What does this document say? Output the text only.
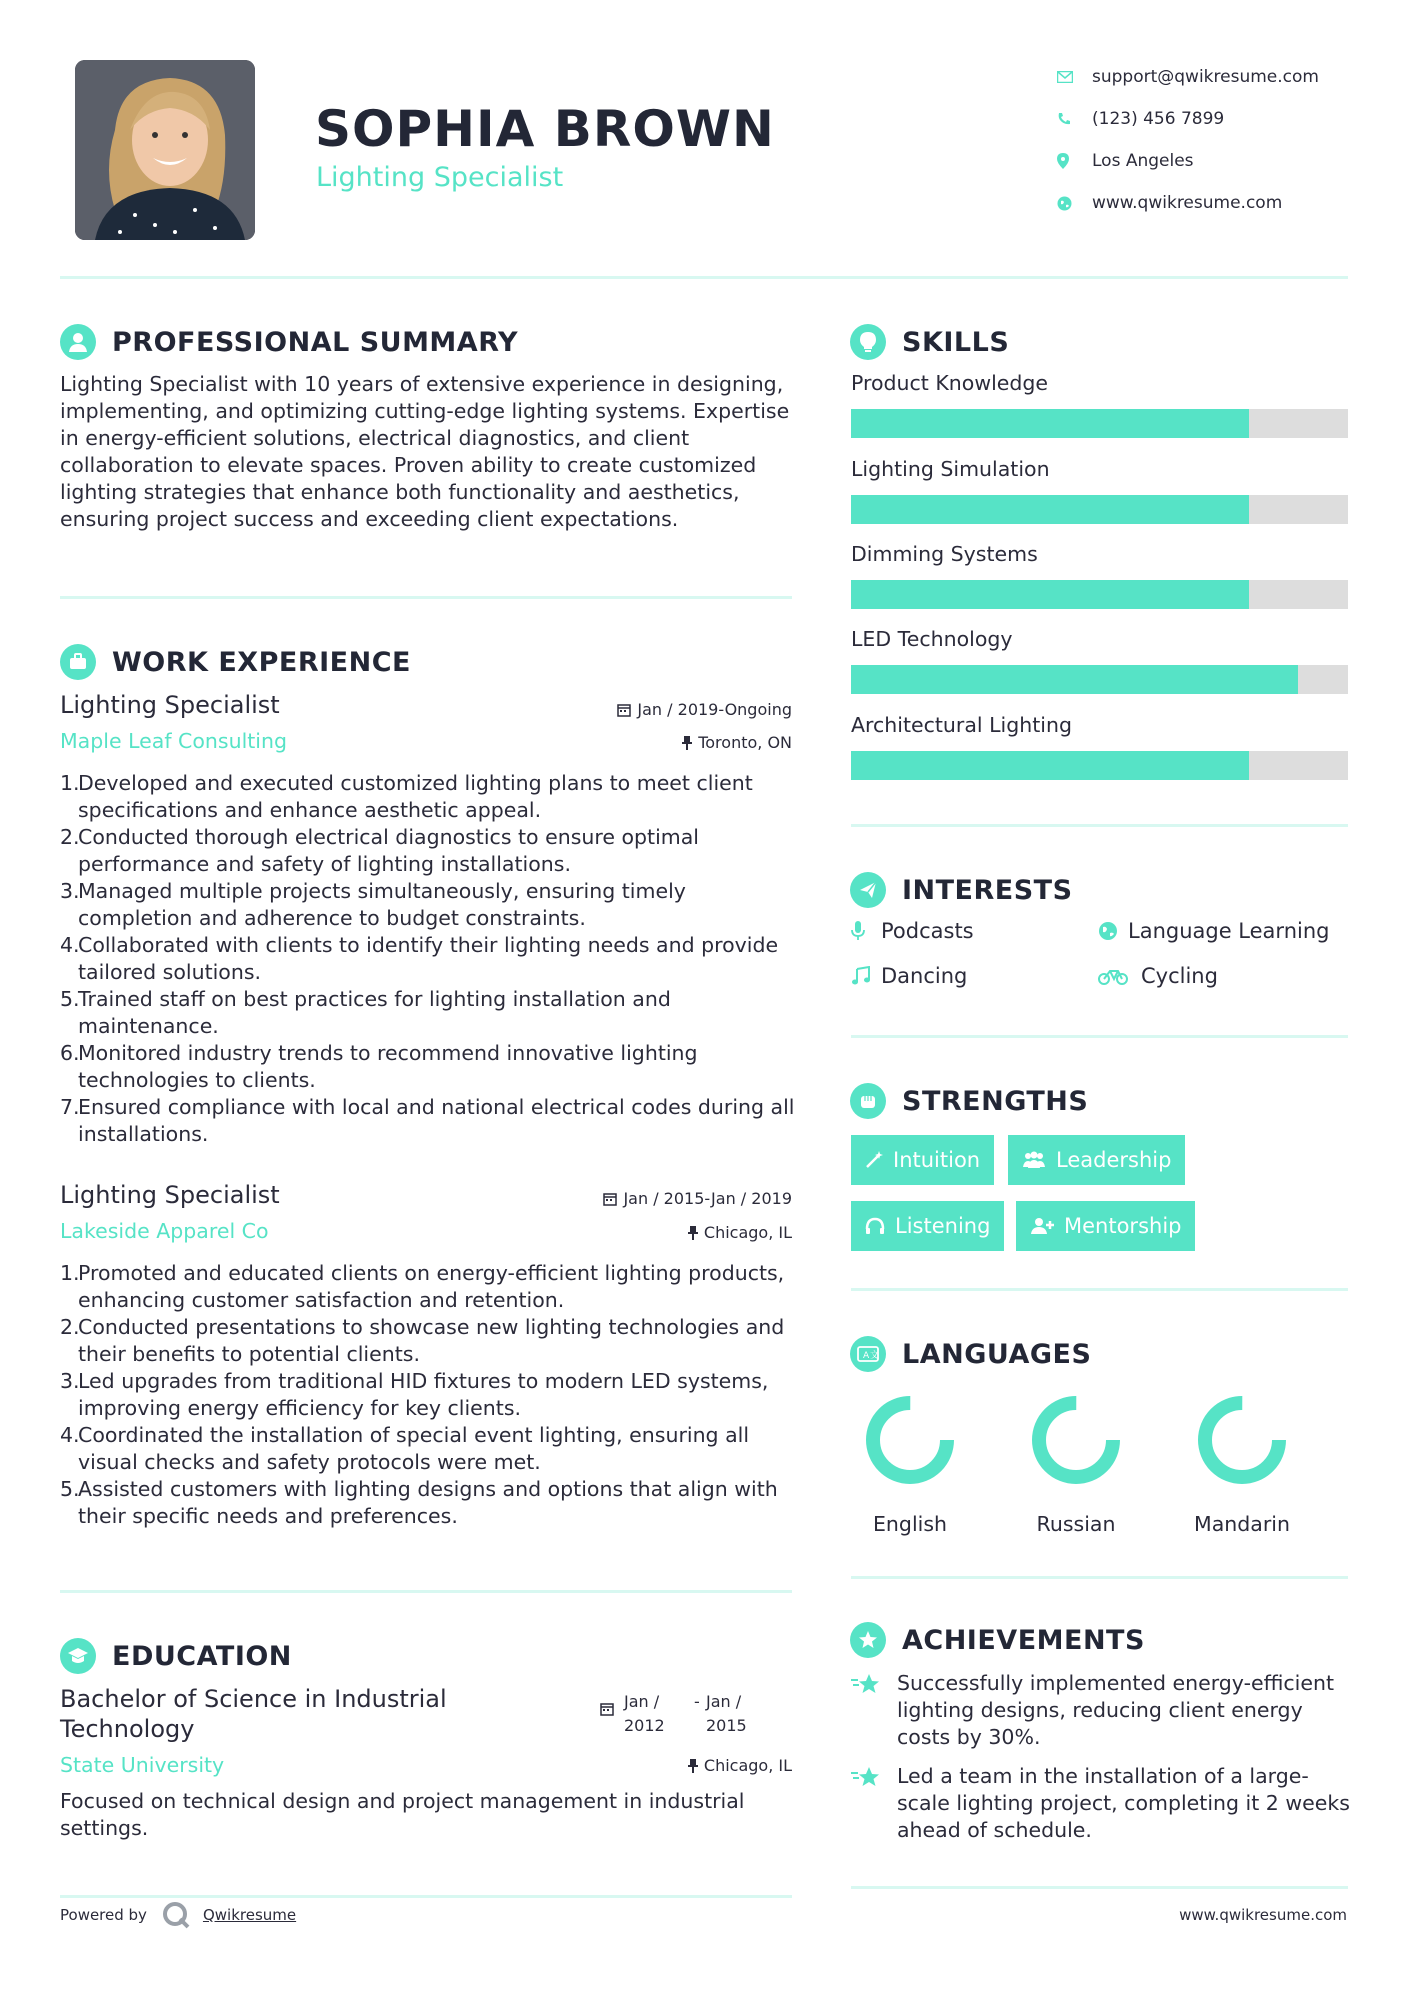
SOPHIA BROWN
Lighting Specialist
support@qwikresume.com
(123) 456 7899
Los Angeles
www.qwikresume.com
PROFESSIONAL SUMMARY
Lighting Specialist with 10 years of extensive experience in designing, implementing, and optimizing cutting-edge lighting systems. Expertise in energy-efficient solutions, electrical diagnostics, and client collaboration to elevate spaces. Proven ability to create customized lighting strategies that enhance both functionality and aesthetics, ensuring project success and exceeding client expectations.
WORK EXPERIENCE
Lighting Specialist	Jan / 2019-Ongoing
Maple Leaf Consulting	Toronto, ON
1.
Developed and executed customized lighting plans to meet client specifications and enhance aesthetic appeal.
2.
Conducted thorough electrical diagnostics to ensure optimal performance and safety of lighting installations.
3.
Managed multiple projects simultaneously, ensuring timely completion and adherence to budget constraints.
4.
Collaborated with clients to identify their lighting needs and provide tailored solutions.
5.
Trained staff on best practices for lighting installation and maintenance.
6.
Monitored industry trends to recommend innovative lighting technologies to clients.
7.
Ensured compliance with local and national electrical codes during all installations.
Lighting Specialist	Jan / 2015-Jan / 2019
Lakeside Apparel Co	Chicago, IL
1.
Promoted and educated clients on energy-efficient lighting products, enhancing customer satisfaction and retention.
2.
Conducted presentations to showcase new lighting technologies and their benefits to potential clients.
3.
Led upgrades from traditional HID fixtures to modern LED systems, improving energy efficiency for key clients.
4.
Coordinated the installation of special event lighting, ensuring all visual checks and safety protocols were met.
5.
Assisted customers with lighting designs and options that align with their specific needs and preferences.
EDUCATION
Bachelor of Science in Industrial Technology
Jan /
2012
- Jan /
2015
State University	Chicago, IL
Focused on technical design and project management in industrial settings.
SKILLS
Product Knowledge
Lighting Simulation
Dimming Systems
LED Technology
Architectural Lighting
INTERESTS
Podcasts	Language Learning
Dancing	Cycling
STRENGTHS
Intuition	Leadership
Listening	Mentorship
A 文 LANGUAGES
English	Russian	Mandarin
ACHIEVEMENTS
Successfully implemented energy-efficient lighting designs, reducing client energy costs by 30%.
Led a team in the installation of a large-scale lighting project, completing it 2 weeks ahead of schedule.
Powered by	Qwikresume	www.qwikresume.com
